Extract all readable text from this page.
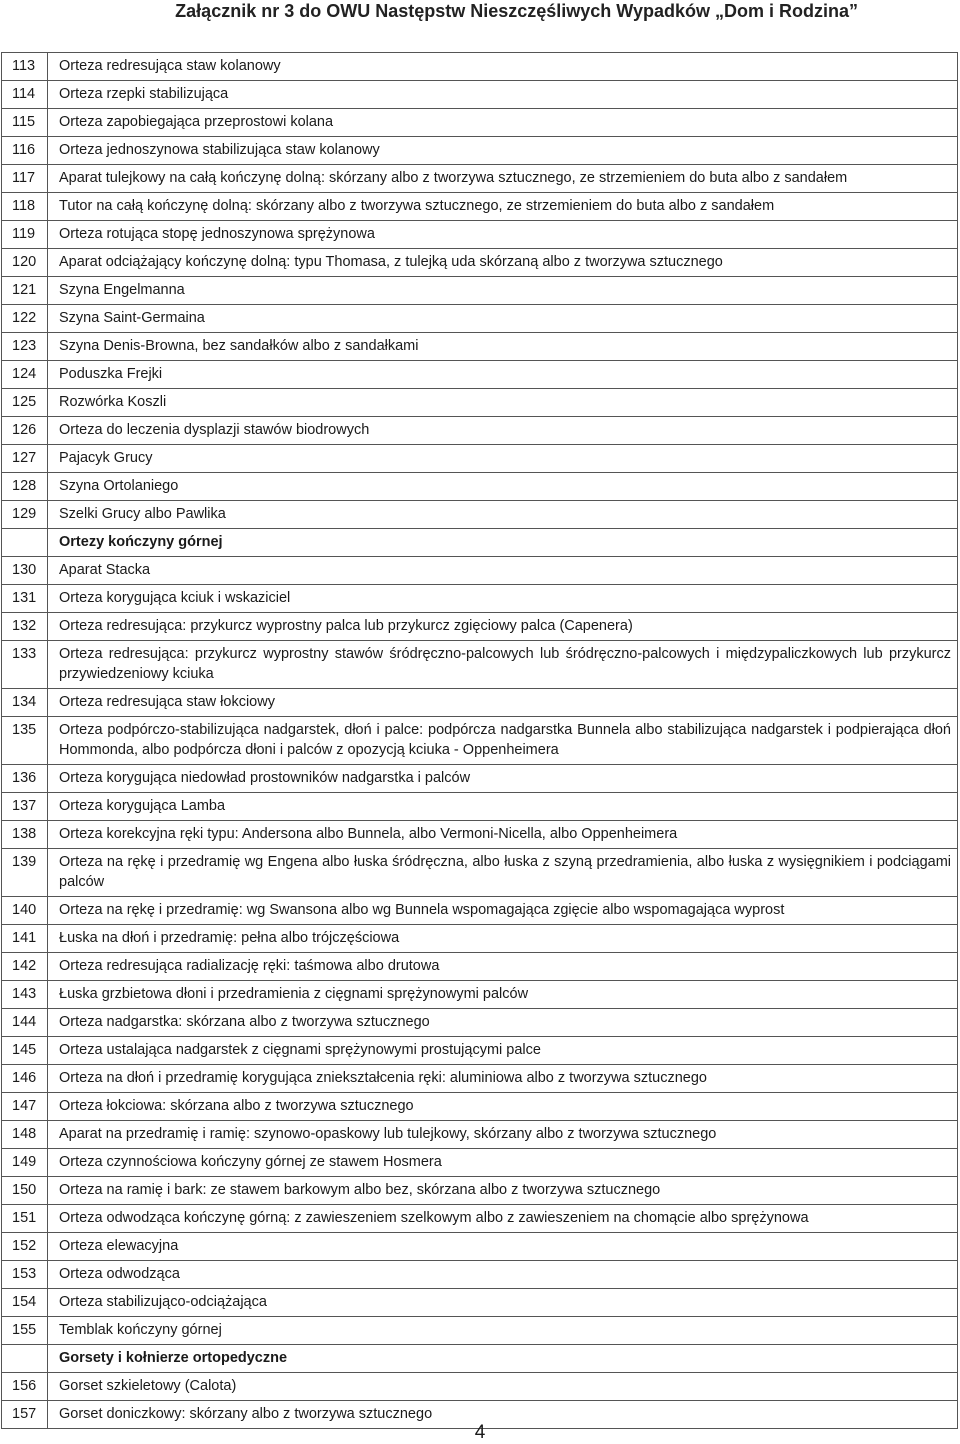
Załącznik nr 3 do OWU Następstw Nieszczęśliwych Wypadków „Dom i Rodzina”
113	Orteza redresująca staw kolanowy
114	Orteza rzepki stabilizująca
115	Orteza zapobiegająca przeprostowi kolana
116	Orteza jednoszynowa stabilizująca staw kolanowy
117	Aparat tulejkowy na całą kończynę dolną: skórzany albo z tworzywa sztucznego, ze strzemieniem do buta albo z sandałem
118	Tutor na całą kończynę dolną: skórzany albo z tworzywa sztucznego, ze strzemieniem do buta albo z sandałem
119	Orteza rotująca stopę jednoszynowa sprężynowa
120	Aparat odciążający kończynę dolną: typu Thomasa, z tulejką uda skórzaną albo z tworzywa sztucznego
121	Szyna Engelmanna
122	Szyna Saint-Germaina
123	Szyna Denis-Browna, bez sandałków albo z sandałkami
124	Poduszka Frejki
125	Rozwórka Koszli
126	Orteza do leczenia dysplazji stawów biodrowych
127	Pajacyk Grucy
128	Szyna Ortolaniego
129	Szelki Grucy albo Pawlika
Ortezy kończyny górnej
130	Aparat Stacka
131	Orteza korygująca kciuk i wskaziciel
132	Orteza redresująca: przykurcz wyprostny palca lub przykurcz zgięciowy palca (Capenera)
133	Orteza redresująca: przykurcz wyprostny stawów śródręczno-palcowych lub śródręczno-palcowych i międzypaliczkowych lub przykurcz przywiedzeniowy kciuka
134	Orteza redresująca staw łokciowy
135	Orteza podpórczo-stabilizująca nadgarstek, dłoń i palce: podpórcza nadgarstka Bunnela albo stabilizująca nadgarstek i podpierająca dłoń Hommonda, albo podpórcza dłoni i palców z opozycją kciuka - Oppenheimera
136	Orteza korygująca niedowład prostowników nadgarstka i palców
137	Orteza korygująca Lamba
138	Orteza korekcyjna ręki typu: Andersona albo Bunnela, albo Vermoni-Nicella, albo Oppenheimera
139	Orteza na rękę i przedramię wg Engena albo łuska śródręczna, albo łuska z szyną przedramienia, albo łuska z wysięgnikiem i podciągami palców
140	Orteza na rękę i przedramię: wg Swansona albo wg Bunnela wspomagająca zgięcie albo wspomagająca wyprost
141	Łuska na dłoń i przedramię: pełna albo trójczęściowa
142	Orteza redresująca radializację ręki: taśmowa albo drutowa
143	Łuska grzbietowa dłoni i przedramienia z cięgnami sprężynowymi palców
144	Orteza nadgarstka: skórzana albo z tworzywa sztucznego
145	Orteza ustalająca nadgarstek z cięgnami sprężynowymi prostującymi palce
146	Orteza na dłoń i przedramię korygująca zniekształcenia ręki: aluminiowa albo z tworzywa sztucznego
147	Orteza łokciowa: skórzana albo z tworzywa sztucznego
148	Aparat na przedramię i ramię: szynowo-opaskowy lub tulejkowy, skórzany albo z tworzywa sztucznego
149	Orteza czynnościowa kończyny górnej ze stawem Hosmera
150	Orteza na ramię i bark: ze stawem barkowym albo bez, skórzana albo z tworzywa sztucznego
151	Orteza odwodząca kończynę górną: z zawieszeniem szelkowym albo z zawieszeniem na chomącie albo sprężynowa
152	Orteza elewacyjna
153	Orteza odwodząca
154	Orteza stabilizująco-odciążająca
155	Temblak kończyny górnej
Gorsety i kołnierze ortopedyczne
156	Gorset szkieletowy (Calota)
157	Gorset doniczkowy: skórzany albo z tworzywa sztucznego
4
